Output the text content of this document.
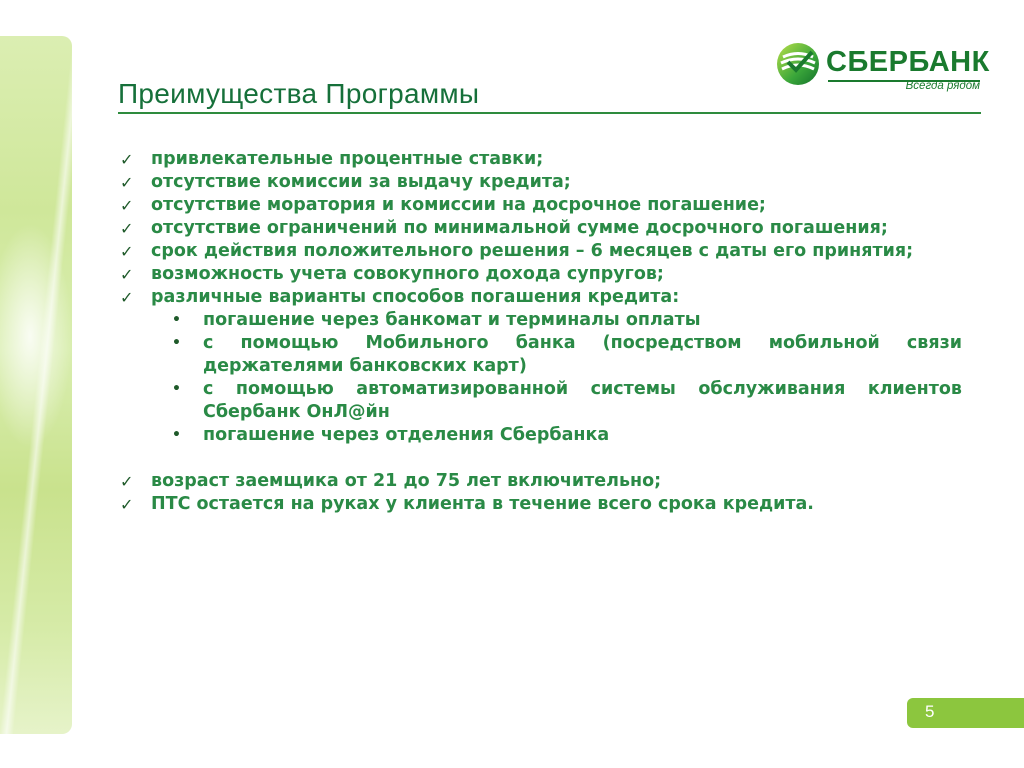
СБЕРБАНК
Всегда рядом
Преимущества Программы
✓ привлекательные процентные ставки;
✓ отсутствие комиссии за выдачу кредита;
✓ отсутствие моратория и комиссии на досрочное погашение;
✓ отсутствие ограничений по минимальной сумме досрочного погашения;
✓ срок действия положительного решения – 6 месяцев с даты его принятия;
✓ возможность учета совокупного дохода супругов;
✓ различные варианты способов погашения кредита:
• погашение через банкомат и терминалы оплаты
• с помощью Мобильного банка (посредством мобильной связи держателями банковских карт)
• с помощью автоматизированной системы обслуживания клиентов Сбербанк ОнЛ@йн
• погашение через отделения Сбербанка
✓ возраст заемщика от 21 до 75 лет включительно;
✓ ПТС остается на руках у клиента в течение всего срока кредита.
5
